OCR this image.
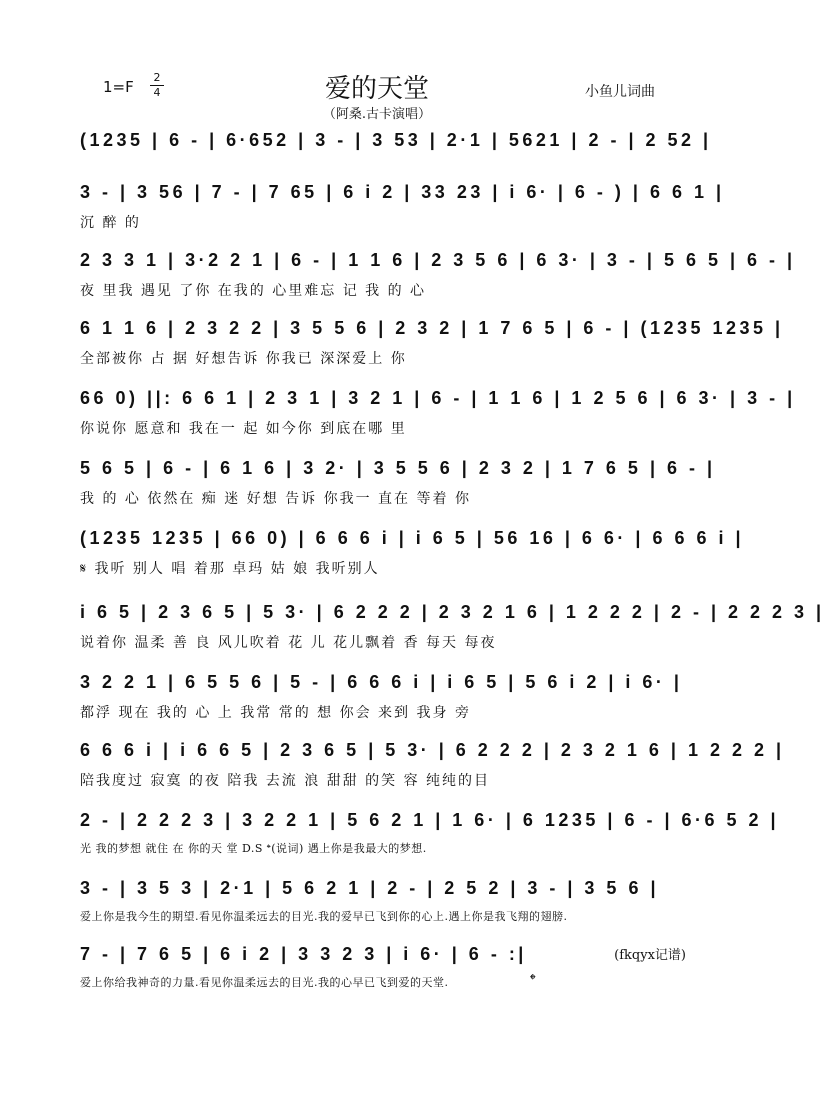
1=F
2
4	爱的天堂
（阿桑.古卡演唱）
小鱼儿词曲
(1235 | 6 - | 6·652 | 3 - | 3 53 | 2·1 | 5621 | 2 - | 2 52 |
3 - | 3 56 | 7 - | 7 65 | 6 i 2 | 33 23 | i 6· | 6 - ) | 6 6 1 |
沉 醉 的
2 3 3 1 | 3·2 2 1 | 6 - | 1 1 6 | 2 3 5 6 | 6 3· | 3 - | 5 6 5 | 6 - |
夜 里我 遇见 了你 在我的 心里难忘 记 我 的 心
6 1 1 6 | 2 3 2 2 | 3 5 5 6 | 2 3 2 | 1 7 6 5 | 6 - | (1235 1235 |
全部被你 占 据 好想告诉 你我已 深深爱上 你
66 0) ||: 6 6 1 | 2 3 1 | 3 2 1 | 6 - | 1 1 6 | 1 2 5 6 | 6 3· | 3 - |
你说你 愿意和 我在一 起 如今你 到底在哪 里
5 6 5 | 6 - | 6 1 6 | 3 2· | 3 5 5 6 | 2 3 2 | 1 7 6 5 | 6 - |
我 的 心 依然在 痴 迷 好想 告诉 你我一 直在 等着 你
(1235 1235 | 66 0) | 6 6 6 i | i 6 5 | 56 16 | 6 6· | 6 6 6 i |
𝄋 我听 别人 唱 着那 卓玛 姑 娘 我听别人
i 6 5 | 2 3 6 5 | 5 3· | 6 2 2 2 | 2 3 2 1 6 | 1 2 2 2 | 2 - | 2 2 2 3 |
说着你 温柔 善 良 风儿吹着 花 儿 花儿飘着 香 每天 每夜
3 2 2 1 | 6 5 5 6 | 5 - | 6 6 6 i | i 6 5 | 5 6 i 2 | i 6· |
都浮 现在 我的 心 上 我常 常的 想 你会 来到 我身 旁
6 6 6 i | i 6 6 5 | 2 3 6 5 | 5 3· | 6 2 2 2 | 2 3 2 1 6 | 1 2 2 2 |
陪我度过 寂寞 的夜 陪我 去流 浪 甜甜 的笑 容 纯纯的目
2 - | 2 2 2 3 | 3 2 2 1 | 5 6 2 1 | 1 6· | 6 1235 | 6 - | 6·6 5 2 |
光 我的梦想 就住 在 你的天 堂 D.S 𝄌(说词) 遇上你是我最大的梦想.
3 - | 3 5 3 | 2·1 | 5 6 2 1 | 2 - | 2 5 2 | 3 - | 3 5 6 |
爱上你是我今生的期望.看见你温柔远去的目光.我的爱早已飞到你的心上.遇上你是我飞翔的翅膀.
7 - | 7 6 5 | 6 i 2 | 3 3 2 3 | i 6· | 6 - :|	(fkqyx记谱)
爱上你给我神奇的力量.看见你温柔远去的目光.我的心早已飞到爱的天堂.	𝄌
